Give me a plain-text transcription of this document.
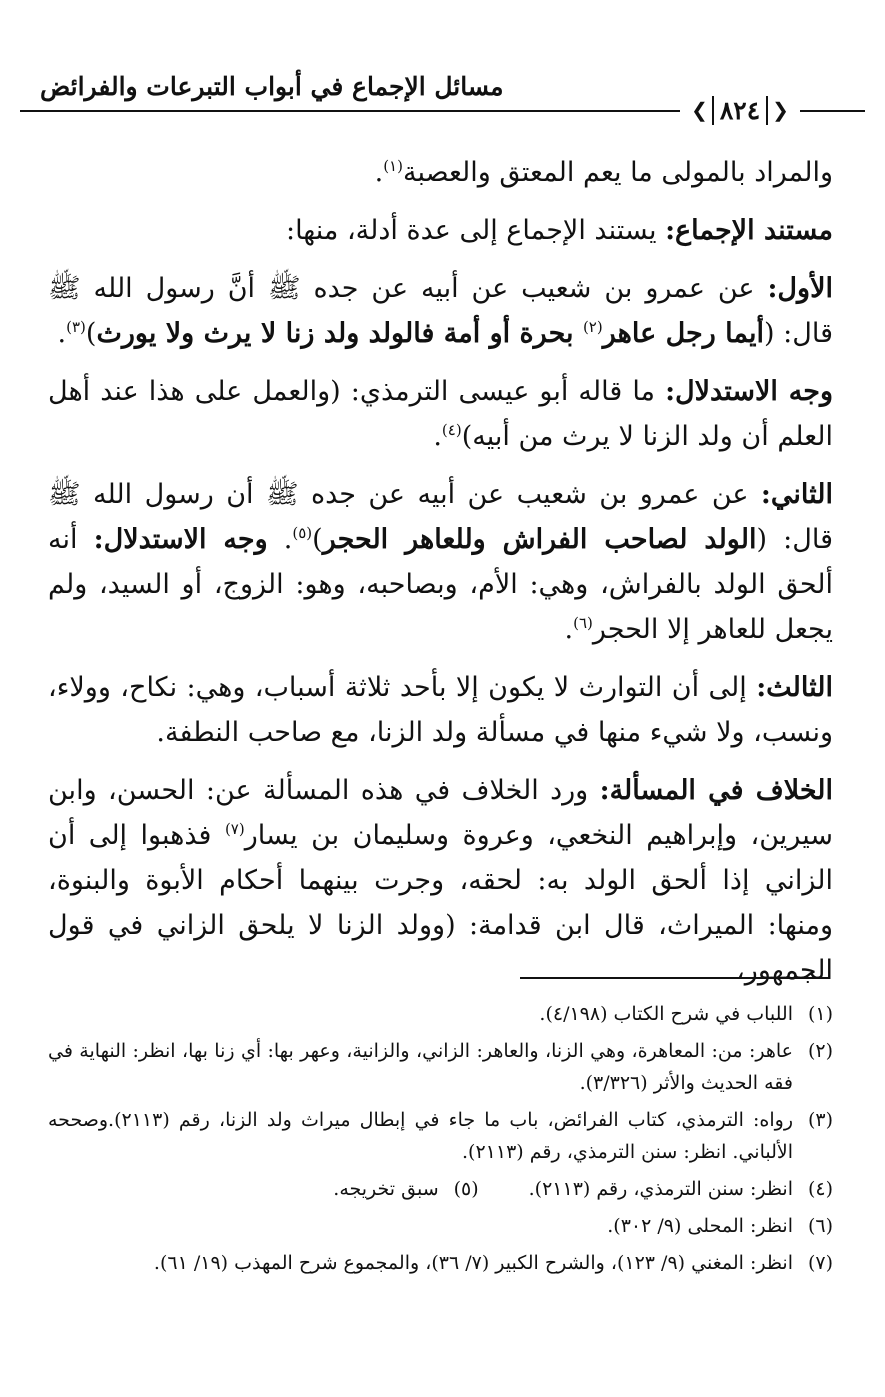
مسائل الإجماع في أبواب التبرعات والفرائض
❮ ٨٢٤ ❯

والمراد بالمولى ما يعم المعتق والعصبة$^{(١)}$.

مستند الإجماع: يستند الإجماع إلى عدة أدلة، منها:

الأول: عن عمرو بن شعيب عن أبيه عن جده ﷺ أنَّ رسول الله ﷺ قال: (أيما رجل عاهر$^{(٢)}$ بحرة أو أمة فالولد ولد زنا لا يرث ولا يورث)$^{(٣)}$.

وجه الاستدلال: ما قاله أبو عيسى الترمذي: (والعمل على هذا عند أهل العلم أن ولد الزنا لا يرث من أبيه)$^{(٤)}$.

الثاني: عن عمرو بن شعيب عن أبيه عن جده ﷺ أن رسول الله ﷺ قال: (الولد لصاحب الفراش وللعاهر الحجر)$^{(٥)}$. وجه الاستدلال: أنه ألحق الولد بالفراش، وهي: الأم، وبصاحبه، وهو: الزوج، أو السيد، ولم يجعل للعاهر إلا الحجر$^{(٦)}$.

الثالث: إلى أن التوارث لا يكون إلا بأحد ثلاثة أسباب، وهي: نكاح، وولاء، ونسب، ولا شيء منها في مسألة ولد الزنا، مع صاحب النطفة.

الخلاف في المسألة: ورد الخلاف في هذه المسألة عن: الحسن، وابن سيرين، وإبراهيم النخعي، وعروة وسليمان بن يسار$^{(٧)}$ فذهبوا إلى أن الزاني إذا ألحق الولد به: لحقه، وجرت بينهما أحكام الأبوة والبنوة، ومنها: الميراث، قال ابن قدامة: (وولد الزنا لا يلحق الزاني في قول الجمهور،

(١)اللباب في شرح الكتاب (٤/١٩٨).

(٢)عاهر: من: المعاهرة، وهي الزنا، والعاهر: الزاني، والزانية، وعهر بها: أي زنا بها، انظر: النهاية في فقه الحديث والأثر (٣/٣٢٦).

(٣)رواه: الترمذي، كتاب الفرائض، باب ما جاء في إبطال ميراث ولد الزنا، رقم (٢١١٣).وصححه الألباني. انظر: سنن الترمذي، رقم (٢١١٣).

(٤)انظر: سنن الترمذي، رقم (٢١١٣).
(٥)سبق تخريجه.

(٦)انظر: المحلى (٩/ ٣٠٢).

(٧)انظر: المغني (٩/ ١٢٣)، والشرح الكبير (٧/ ٣٦)، والمجموع شرح المهذب (١٩/ ٦١).
